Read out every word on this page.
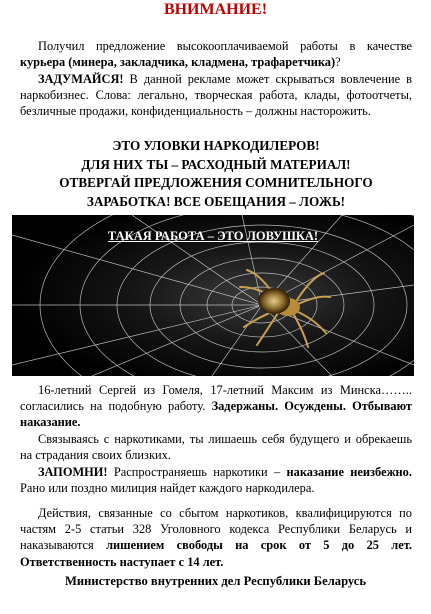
ВНИМАНИЕ!

Получил предложение высокооплачиваемой работы в качестве курьера (минера, закладчика, кладмена, трафаретчика)?

ЗАДУМАЙСЯ! В данной рекламе может скрываться вовлечение в наркобизнес. Слова: легально, творческая работа, клады, фотоотчеты, безличные продажи, конфиденциальность – должны насторожить.

ЭТО УЛОВКИ НАРКОДИЛЕРОВ!
ДЛЯ НИХ ТЫ – РАСХОДНЫЙ МАТЕРИАЛ!
ОТВЕРГАЙ ПРЕДЛОЖЕНИЯ СОМНИТЕЛЬНОГО
ЗАРАБОТКА! ВСЕ ОБЕЩАНИЯ – ЛОЖЬ!
ТАКАЯ РАБОТА – ЭТО ЛОВУШКА!

16-летний Сергей из Гомеля, 17-летний Максим из Минска…….. согласились на подобную работу. Задержаны. Осуждены. Отбывают наказание.

Связываясь с наркотиками, ты лишаешь себя будущего и обрекаешь на страдания своих близких.

ЗАПОМНИ! Распространяешь наркотики – наказание неизбежно. Рано или поздно милиция найдет каждого наркодилера.

Действия, связанные со сбытом наркотиков, квалифицируются по частям 2-5 статьи 328 Уголовного кодекса Республики Беларусь и наказываются лишением свободы на срок от 5 до 25 лет. Ответственность наступает с 14 лет.

Министерство внутренних дел Республики Беларусь
